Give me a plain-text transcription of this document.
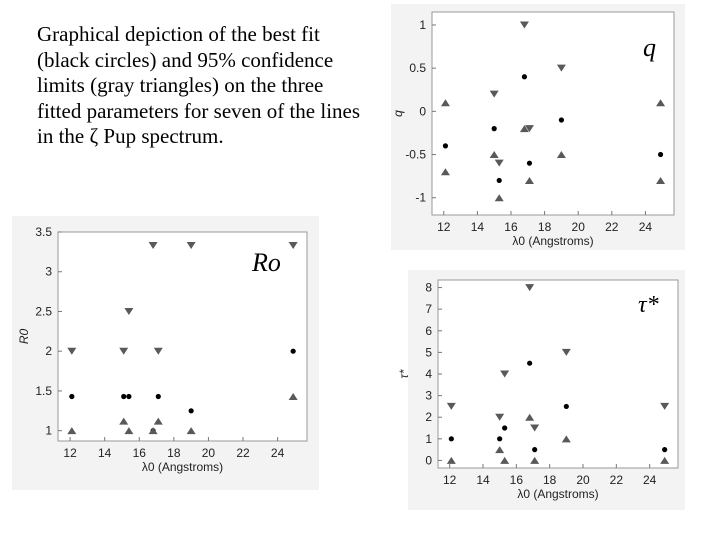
Graphical depiction of the best fit (black circles) and 95% confidence limits (gray triangles) on the three fitted parameters for seven of the lines in the ζ Pup spectrum.
12 14 16 18 20 22 24
-1
-0.5
0
0.5
1
λ0 (Angstroms)
q
q
12 14 16 18 20 22 24
1
1.5
2
2.5
3
3.5
λ0 (Angstroms)
R0
Ro
12 14 16 18 20 22 24
0
1
2
3
4
5
6
7
8
λ0 (Angstroms)
τ*
τ*
